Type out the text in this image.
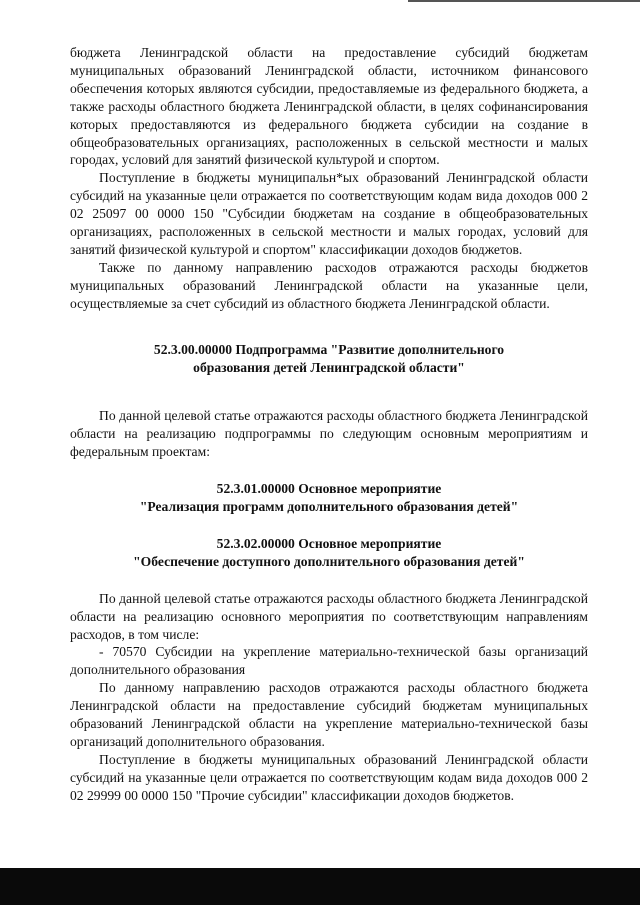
бюджета Ленинградской области на предоставление субсидий бюджетам муниципальных образований Ленинградской области, источником финансового обеспечения которых являются субсидии, предоставляемые из федерального бюджета, а также расходы областного бюджета Ленинградской области, в целях софинансирования которых предоставляются из федерального бюджета субсидии на создание в общеобразовательных организациях, расположенных в сельской местности и малых городах, условий для занятий физической культурой и спортом.

Поступление в бюджеты муниципальн*ых образований Ленинградской области субсидий на указанные цели отражается по соответствующим кодам вида доходов 000 2 02 25097 00 0000 150 "Субсидии бюджетам на создание в общеобразовательных организациях, расположенных в сельской местности и малых городах, условий для занятий физической культурой и спортом" классификации доходов бюджетов.

Также по данному направлению расходов отражаются расходы бюджетов муниципальных образований Ленинградской области на указанные цели, осуществляемые за счет субсидий из областного бюджета Ленинградской области.

52.3.00.00000 Подпрограмма "Развитие дополнительного
образования детей Ленинградской области"

По данной целевой статье отражаются расходы областного бюджета Ленинградской области на реализацию подпрограммы по следующим основным мероприятиям и федеральным проектам:

52.3.01.00000 Основное мероприятие
"Реализация программ дополнительного образования детей"
52.3.02.00000 Основное мероприятие
"Обеспечение доступного дополнительного образования детей"

По данной целевой статье отражаются расходы областного бюджета Ленинградской области на реализацию основного мероприятия по соответствующим направлениям расходов, в том числе:

- 70570 Субсидии на укрепление материально-технической базы организаций дополнительного образования

По данному направлению расходов отражаются расходы областного бюджета Ленинградской области на предоставление субсидий бюджетам муниципальных образований Ленинградской области на укрепление материально-технической базы организаций дополнительного образования.

Поступление в бюджеты муниципальных образований Ленинградской области субсидий на указанные цели отражается по соответствующим кодам вида доходов 000 2 02 29999 00 0000 150 "Прочие субсидии" классификации доходов бюджетов.
